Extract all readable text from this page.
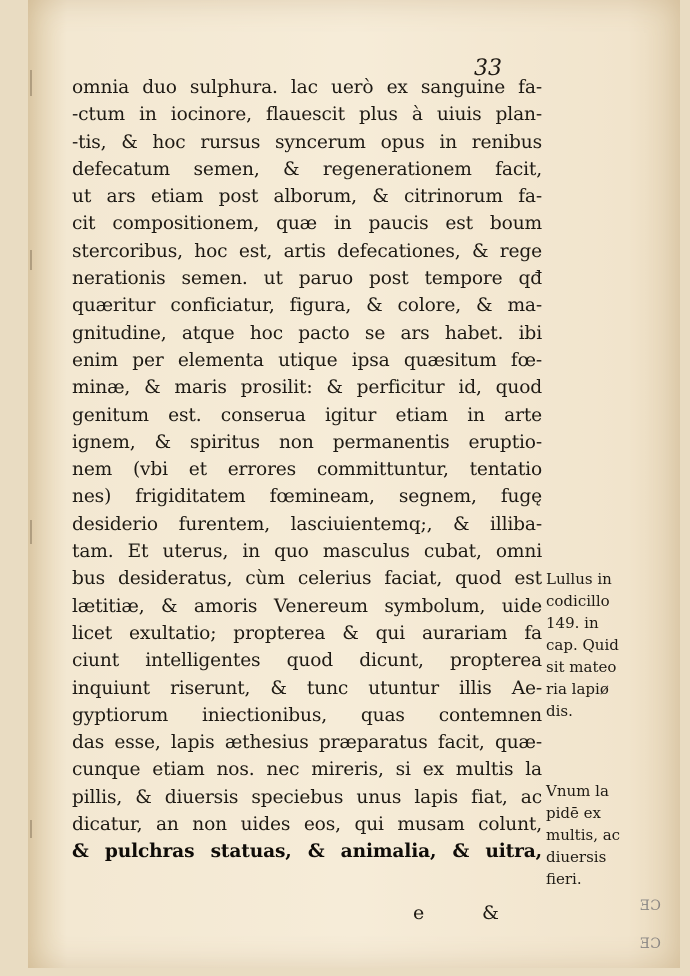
33
omnia duo sulphura. lac uerò ex sanguine fa-
-ctum in iocinore, flauescit plus à uiuis plan-
-tis, & hoc rursus syncerum opus in renibus
defecatum semen, & regenerationem facit,
ut ars etiam post alborum, & citrinorum fa-
cit compositionem, quæ in paucis est boum
stercoribus, hoc est, artis defecationes, & rege
nerationis semen. ut paruo post tempore qđ
quæritur conficiatur, figura, & colore, & ma-
gnitudine, atque hoc pacto se ars habet. ibi
enim per elementa utique ipsa quæsitum fœ-
minæ, & maris prosilit: & perficitur id, quod
genitum est. conserua igitur etiam in arte
ignem, & spiritus non permanentis eruptio-
nem (vbi et errores committuntur, tentatio
nes) frigiditatem fœmineam, segnem, fugę
desiderio furentem, lasciuientemq;, & illiba-
tam. Et uterus, in quo masculus cubat, omni
bus desideratus, cùm celerius faciat, quod est
lætitiæ, & amoris Venereum symbolum, uide
licet exultatio; propterea & qui aurariam fa
ciunt intelligentes quod dicunt, propterea
inquiunt riserunt, & tunc utuntur illis Ae-
gyptiorum iniectionibus, quas contemnen
das esse, lapis æthesius præparatus facit, quæ-
cunque etiam nos. nec mireris, si ex multis la
pillis, & diuersis speciebus unus lapis fiat, ac
dicatur, an non uides eos, qui musam colunt,
& pulchras statuas, & animalia, & uitra,
Lullus in
codicillo
149. in
cap. Quid
sit mateo
ria lapiø
dis.
Vnum la
pidē ex
multis, ac
diuersis
fieri.
e	&	ƎƆ
ƎƆ
